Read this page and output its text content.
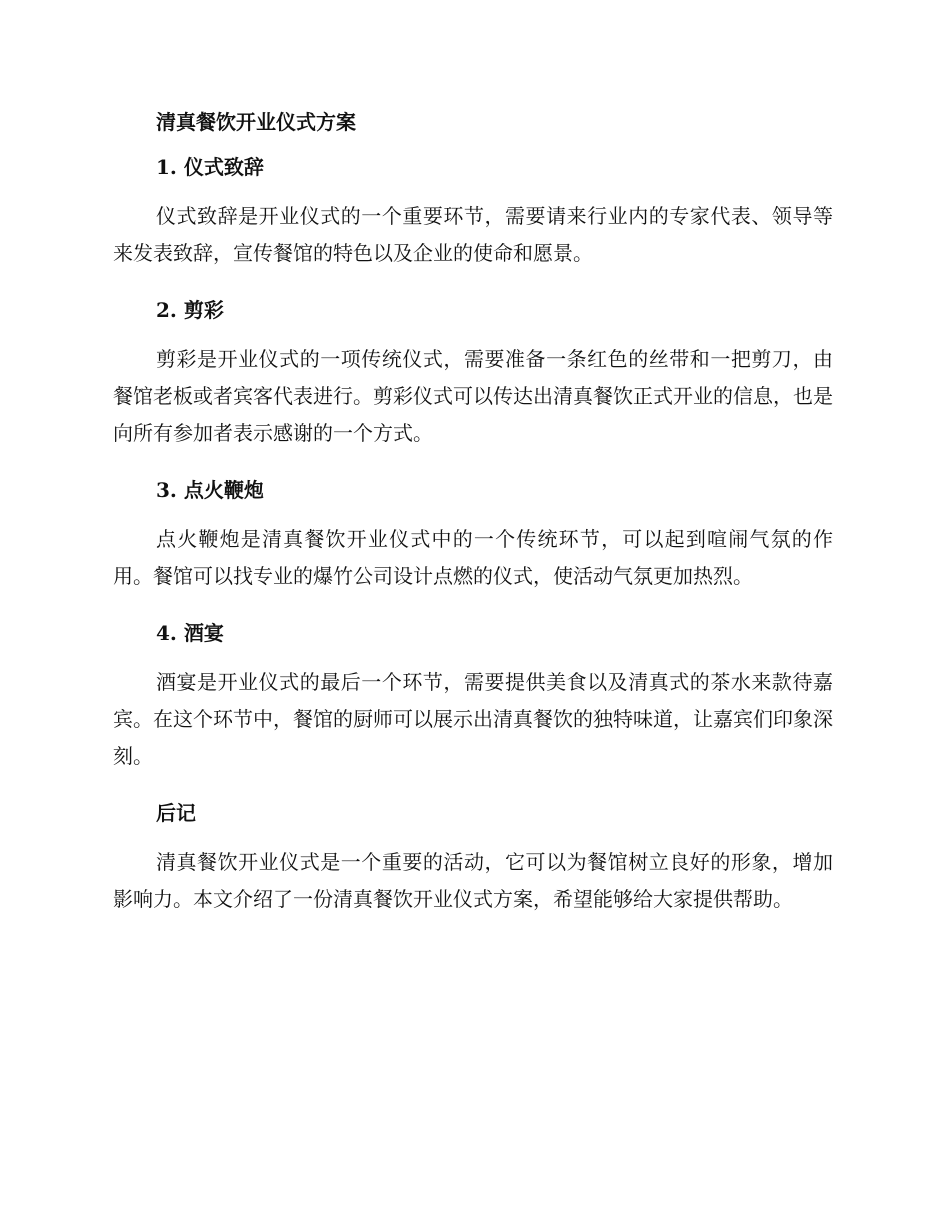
清真餐饮开业仪式方案
1. 仪式致辞

仪式致辞是开业仪式的一个重要环节，需要请来行业内的专家代表、领导等来发表致辞，宣传餐馆的特色以及企业的使命和愿景。

2. 剪彩

剪彩是开业仪式的一项传统仪式，需要准备一条红色的丝带和一把剪刀，由餐馆老板或者宾客代表进行。剪彩仪式可以传达出清真餐饮正式开业的信息，也是向所有参加者表示感谢的一个方式。

3. 点火鞭炮

点火鞭炮是清真餐饮开业仪式中的一个传统环节，可以起到喧闹气氛的作用。餐馆可以找专业的爆竹公司设计点燃的仪式，使活动气氛更加热烈。

4. 酒宴

酒宴是开业仪式的最后一个环节，需要提供美食以及清真式的茶水来款待嘉宾。在这个环节中，餐馆的厨师可以展示出清真餐饮的独特味道，让嘉宾们印象深刻。

后记

清真餐饮开业仪式是一个重要的活动，它可以为餐馆树立良好的形象，增加影响力。本文介绍了一份清真餐饮开业仪式方案，希望能够给大家提供帮助。
